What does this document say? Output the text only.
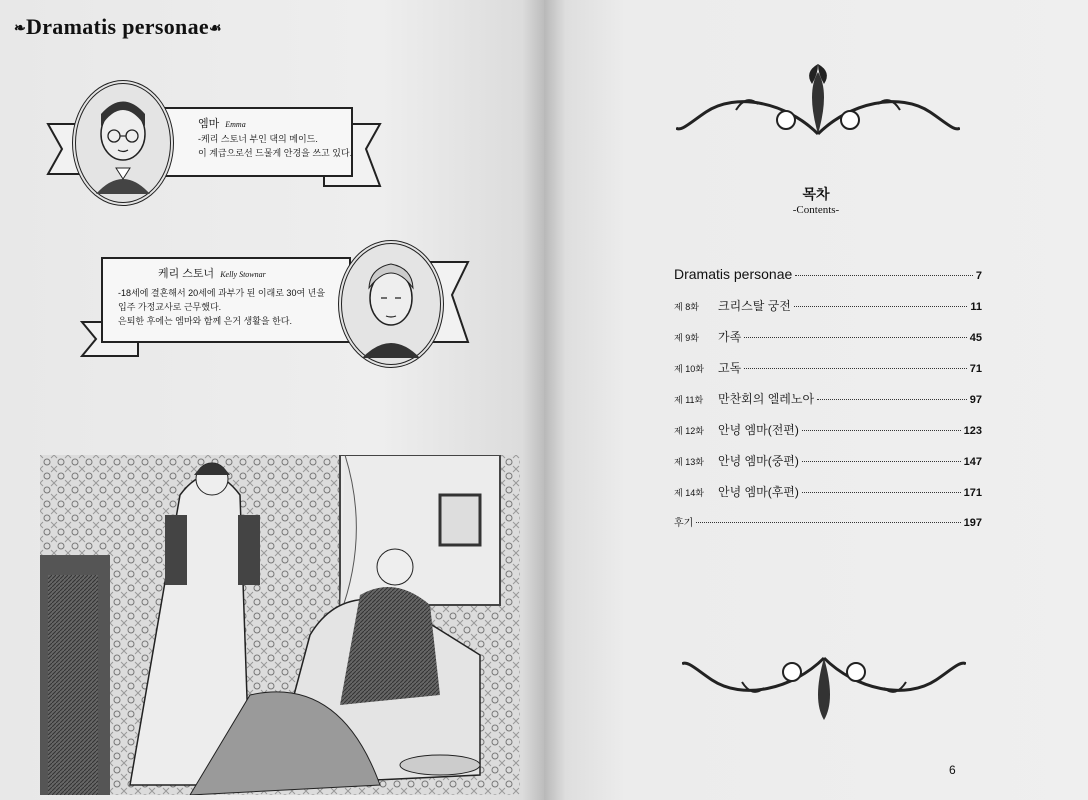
❧Dramatis personae☙
엠마 Emma
-케리 스토너 부인 댁의 메이드.
이 계급으로선 드물게 안경을 쓰고 있다.
케리 스토너 Kelly Stownar
-18세에 결혼해서 20세에 과부가 된 이래로 30여 년을
입주 가정교사로 근무했다.
은퇴한 후에는 엠마와 함께 은거 생활을 한다.
목차
-Contents-
Dramatis personae	7
제 8화	크리스탈 궁전	11
제 9화	가족	45
제 10화	고독	71
제 11화	만찬회의 엘레노아	97
제 12화	안녕 엠마(전편)	123
제 13화	안녕 엠마(중편)	147
제 14화	안녕 엠마(후편)	171
후기	197
6
